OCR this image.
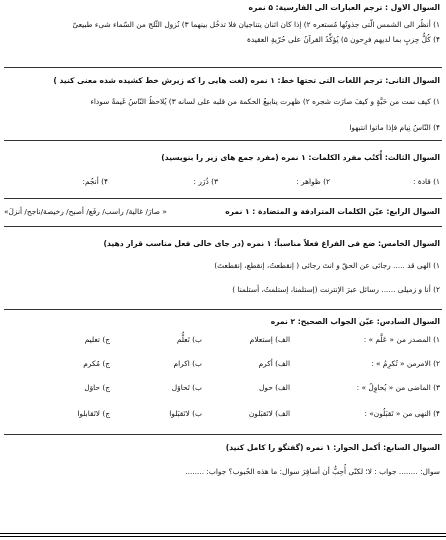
السوال الاول : ترجم العبارات الی الفارسیة: ۵ نمره
۱) أنظُر الی الشمس الّتی جذوتُها مُستعره ۲) إذا کان اثنان یتناجیان فلا تدخُل بینهما ۳) نُزول الثّلج من السّماء شیء طبیعیّ
۴) کُلُّ حِزبٍ بما لدیهم فرِحون ۵) یُؤکِّدُ القرآنُ علی حُرّیةِ العقیدة
السوال الثانی: ترجم اللغات التی تحتها خط: ۱ نمره (لغت هایی را که زیرش خط کشیده شده معنی کنید )
۱) کیف نمت من حَبَّةٍ و کیفَ صارَت شجره ۲) ظهرت ینابیعُ الحکمة من قلبه علی لسانه ۳) یُلاحظُ النّاسُ غَیمةً سوداء
۴) النّاسُ نِیام فإذا ماتوا انتبهوا
السوال الثالث: أُکتُب مفرد الکلمات: ۱ نمره (مفرد جمع های زیر را بنویسید)
۱) قادة :
۲) ظواهر :
۳) ذُرَر :
۴) أنجُم:
السوال الرابع: عیّن الکلمات المترادفة و المتضادة : ۱ نمره
« صارَ/ غالیة/ راسب/ رفَع/ أصبح/ رخیصة/ناجح/ أنزلَ»
السوال الخامس: ضع فی الفراغ فعلاً مناسباً: ۱ نمره (در جای خالی فعل مناسب قرار دهید)
۱) الهی قد ..... رجائی عن الحقّ و انتَ رجائی ( إنقطعتُ، إنقطع، إنقطعتَ)
۲) أنا و زمیلی ...... رسائل عبرَ الإنترنت (إستلمنا، إستلمتُ، أستلمنا )
السوال السادس: عیّن الجواب الصحیح: ۲ نمره
۱) المصدر من « عَلَّم » :
الف) إستعلام
ب) تَعلُّم
ج) تعلیم
۲) الامرمن « تُکرِمُ » :
الف) أکرم
ب) اکرام
ج) مُکرم
۳) الماضی من « یُحاوِلُ » :
الف) حول
ب) تَحاوَل
ج) حاوَل
۴) النهی من « تَقبَلُون» :
الف) لاتَقبَلون
ب) لاتَقبَلوا
ج) لاتَقابلوا
السوال السابع: أکمل الحوار: ۱ نمره (گفتگو را کامل کنید)
سوال: ........ جواب : لا؛ لکنّی أُحِبُّ أن أسافِرَ سوال: ما هذه الحُبوب؟ جواب: ........
